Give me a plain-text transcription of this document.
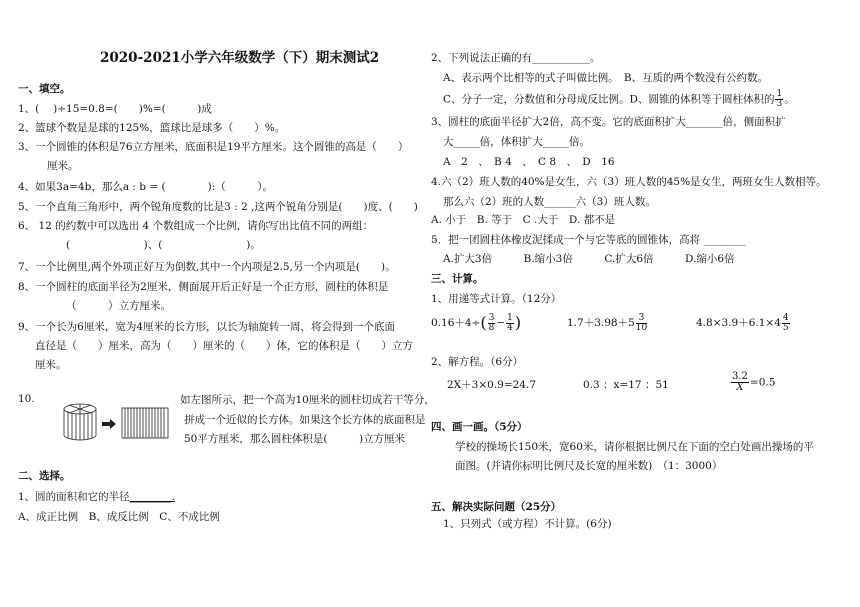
2020-2021小学六年级数学（下）期末测试2
一、填空。
1、(　 )÷15=0.8=(　　)%=(　　　)成
2、篮球个数是是球的125%，篮球比是球多（　　）%。
3、一个圆锥的体积是76立方厘米，底面积是19平方厘米。这个圆锥的高是（　　）
厘米。
4、如果3a=4b，那么a : b = (　　　　):（　　　）。
5、一个直角三角形中，两个锐角度数的比是3 : 2 ,这两个锐角分别是(　　)度、(　　)
6、 12 的约数中可以选出 4 个数组成一个比例，请你写出比值不同的两组：
(　　　　　　　)、(　　　　　　　　)。
7、一个比例里,两个外项正好互为倒数,其中一个内项是2.5,另一个内项是(　　)。
8、一个圆柱的底面半径为2厘米，侧面展开后正好是一个正方形，圆柱的体积是
（　　　）立方厘米。
9、一个长为6厘米，宽为4厘米的长方形，以长为轴旋转一周，将会得到一个底面
直径是（　　）厘米，高为（　　）厘米的（　　）体，它的体积是（　　）立方
厘米。
10.	如左图所示，把一个高为10厘米的圆柱切成若干等分，
拼成一个近似的长方体。如果这个长方体的底面积是
50平方厘米，那么圆柱体积是(　　　)立方厘米
二、选择。
1、圆的面积和它的半径________.
A、成正比例　B、成反比例　C、不成比例
2、下列说法正确的有___________。
A、表示两个比相等的式子叫做比例。　B、互质的两个数没有公约数。
C、分子一定，分数值和分母成反比例。D、圆锥的体积等于圆柱体积的 $\frac{1}{3}$ 。
3、圆柱的底面半径扩大2倍，高不变。它的底面积扩大_______倍，侧面积扩
大_____倍，体积扩大_____倍。
A　2　、　B 4　、　C 8　、　D　16
4.六（2）班人数的40%是女生，六（3）班人数的45%是女生，两班女生人数相等。
那么六（2）班的人数______六（3）班人数。
A. 小于　B. 等于　C .大于　D. 都不是
5．把一团圆柱体橡皮泥揉成一个与它等底的圆锥体，高将 ________
A.扩大3倍　　　B.缩小3倍　　　C.扩大6倍　　　D.缩小6倍
三、计算。
1、用递等式计算。（12分）
$0.16+4\div( \frac{3}{8} - \frac{1}{4}$ )	$1.7+3.98+5 \frac{3}{10}$	$4.8\times 3.9+6.1\times 4 \frac{4}{5}$
2、解方程。（6分）
2X＋3×0.9=24.7	0.3 ：x=17 ：51	$\frac{3.2}{X} =0.5$
四、画一画。（5分）
学校的操场长150米，宽60米，请你根据比例尺在下面的空白处画出操场的平
面图。(并请你标明比例尺及长宽的厘米数)　（1：3000）
五、解决实际问题（25分）
1、只列式（或方程）不计算。(6分)
